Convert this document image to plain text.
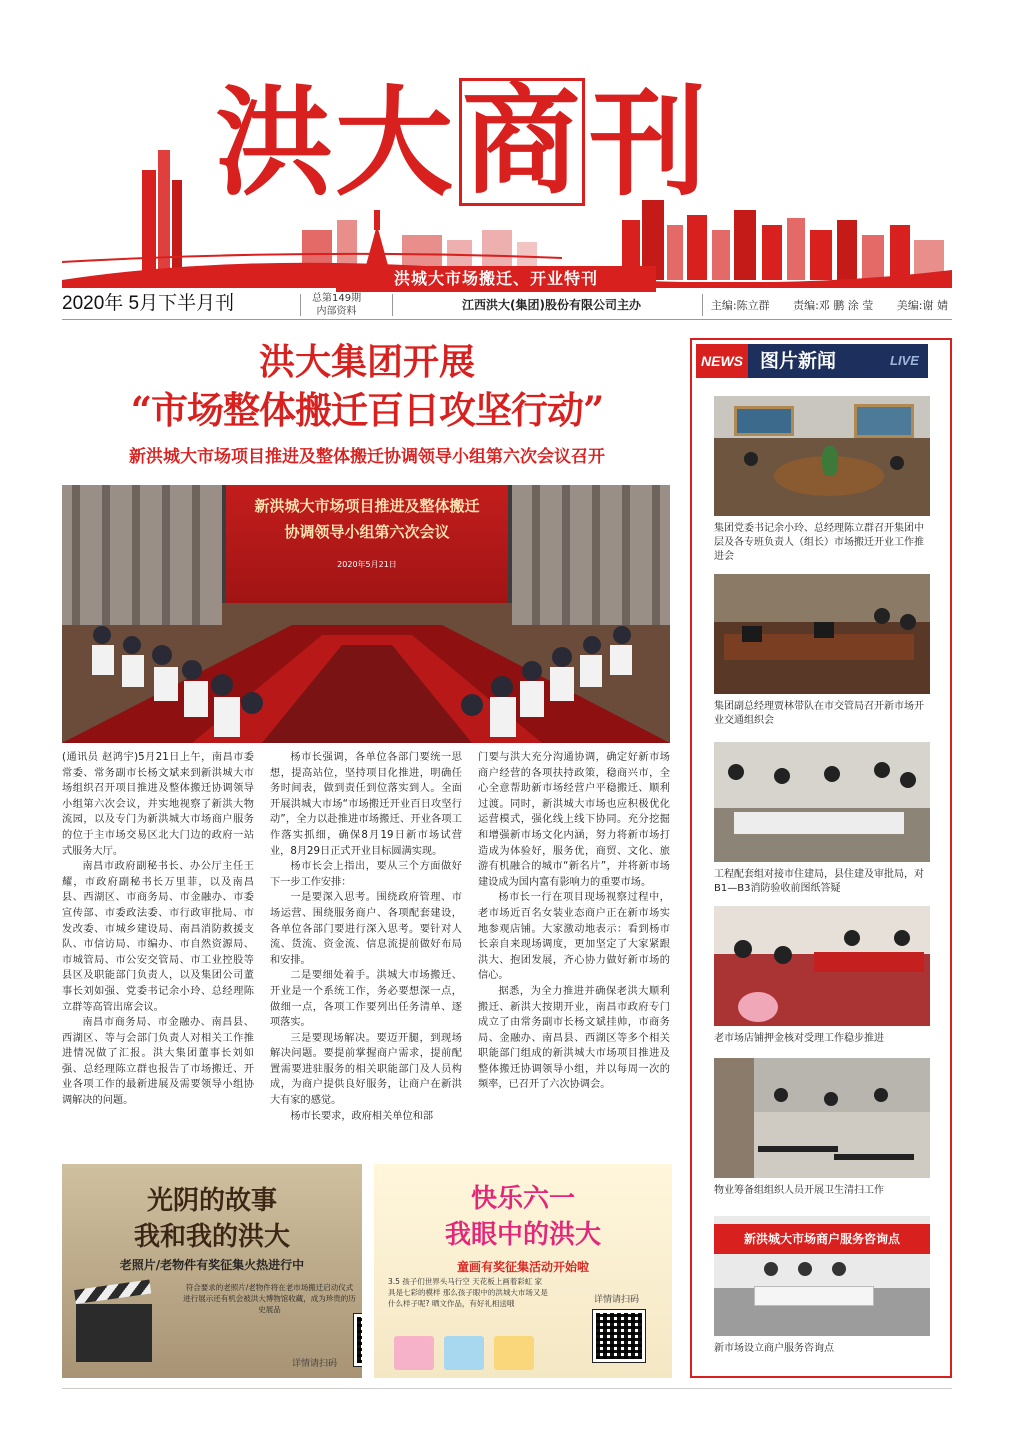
洪大商刊
洪城大市场搬迁、开业特刊
2020年 5月下半月刊	总第149期
内部资料	江西洪大(集团)股份有限公司主办	主编:陈立群 责编:邓 鹏 涂 莹 美编:谢 婧
洪大集团开展
“市场整体搬迁百日攻坚行动”
新洪城大市场项目推进及整体搬迁协调领导小组第六次会议召开
新洪城大市场项目推进及整体搬迁
协调领导小组第六次会议
2020年5月21日

(通讯员 赵鸿宇)5月21日上午，南昌市委常委、常务副市长杨文斌来到新洪城大市场组织召开项目推进及整体搬迁协调领导小组第六次会议，并实地视察了新洪大物流园，以及专门为新洪城大市场商户服务的位于主市场交易区北大门边的政府一站式服务大厅。

南昌市政府副秘书长、办公厅主任王耀，市政府副秘书长万里菲，以及南昌县、西湖区、市商务局、市金融办、市委宣传部、市委政法委、市行政审批局、市发改委、市城乡建设局、南昌消防救援支队、市信访局、市编办、市自然资源局、市城管局、市公安交管局、市工业控股等县区及职能部门负责人，以及集团公司董事长刘如强、党委书记余小玲、总经理陈立群等高管出席会议。

南昌市商务局、市金融办、南昌县、西湖区、等与会部门负责人对相关工作推进情况做了汇报。洪大集团董事长刘如强、总经理陈立群也报告了市场搬迁、开业各项工作的最新进展及需要领导小组协调解决的问题。

杨市长强调，各单位各部门要统一思想，提高站位，坚持项目化推进，明确任务时间表，做到责任到位落实到人。全面开展洪城大市场“市场搬迁开业百日攻坚行动”，全力以赴推进市场搬迁、开业各项工作落实抓细，确保8月19日新市场试营业，8月29日正式开业目标圆满实现。

杨市长会上指出，要从三个方面做好下一步工作安排：

一是要深入思考。围绕政府管理、市场运营、围绕服务商户、各项配套建设，各单位各部门要进行深入思考。要针对人流、货流、资金流、信息流提前做好布局和安排。

二是要细处着手。洪城大市场搬迁、开业是一个系统工作，务必要想深一点，做细一点，各项工作要列出任务清单、逐项落实。

三是要现场解决。要迈开腿，到现场解决问题。要提前掌握商户需求，提前配置需要进驻服务的相关职能部门及人员构成，为商户提供良好服务，让商户在新洪大有家的感觉。

杨市长要求，政府相关单位和部

门要与洪大充分沟通协调，确定好新市场商户经营的各项扶持政策，稳商兴市，全心全意帮助新市场经营户平稳搬迁、顺利过渡。同时，新洪城大市场也应积极优化运营模式，强化线上线下协同。充分挖掘和增强新市场文化内涵，努力将新市场打造成为体验好，服务优，商贸、文化、旅游有机融合的城市“新名片”，并将新市场建设成为国内富有影响力的重要市场。

杨市长一行在项目现场视察过程中，老市场近百名女装业态商户正在新市场实地参观店铺。大家激动地表示：看到杨市长亲自来现场调度，更加坚定了大家紧跟洪大、抱团发展，齐心协力做好新市场的信心。

据悉，为全力推进并确保老洪大顺利搬迁、新洪大按期开业，南昌市政府专门成立了由常务副市长杨文斌挂帅，市商务局、金融办、南昌县、西湖区等多个相关职能部门组成的新洪城大市场项目推进及整体搬迁协调领导小组，并以每周一次的频率，已召开了六次协调会。

光阴的故事
我和我的洪大
老照片/老物件有奖征集火热进行中
符合要求的老照片/老物件将在老市场搬迁启动仪式进行展示还有机会被洪大博物馆收藏，成为珍贵的历史展品
详情请扫码
快乐六一
我眼中的洪大
童画有奖征集活动开始啦
3.5 孩子们世界头马行空 天花板上画着彩虹 家具是七彩的模样 那么孩子眼中的洪城大市场又是什么样子呢? 晒文作品，有好礼相送哦	详情请扫码
NEWS 图片新闻	LIVE
集团党委书记余小玲、总经理陈立群召开集团中层及各专班负责人（组长）市场搬迁开业工作推进会
集团副总经理贾林带队在市交管局召开新市场开业交通组织会
工程配套组对接市住建局，县住建及审批局，对B1—B3消防验收前图纸答疑
老市场店铺押金核对受理工作稳步推进
物业筹备组组织人员开展卫生清扫工作
新洪城大市场商户服务咨询点
新市场设立商户服务咨询点
